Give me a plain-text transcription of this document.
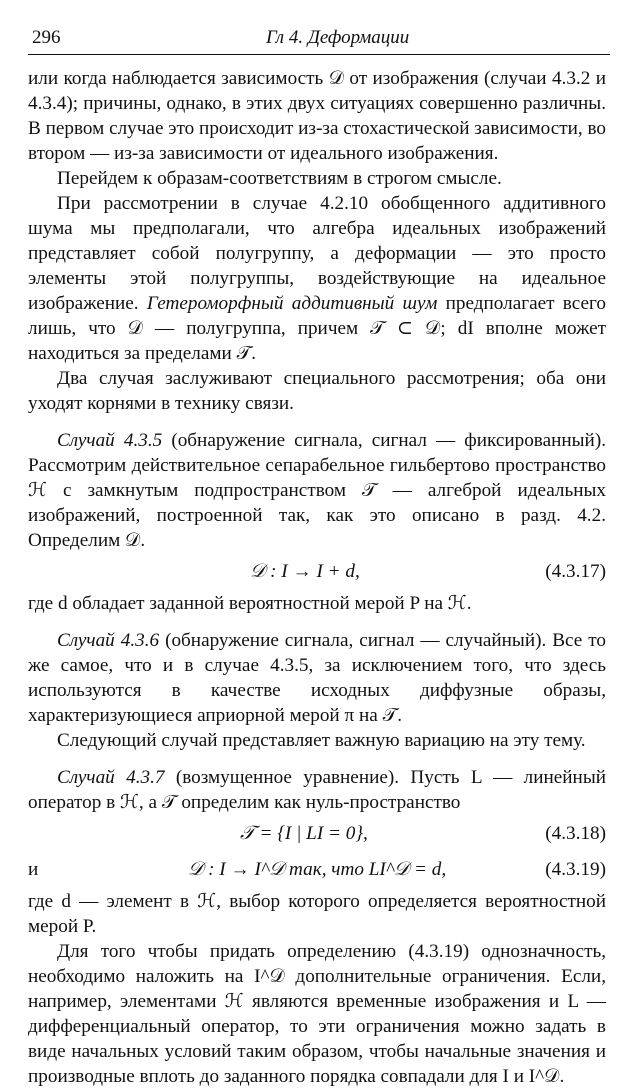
296	Гл 4. Деформации

или когда наблюдается зависимость 𝒟 от изображения (случаи 4.3.2 и 4.3.4); причины, однако, в этих двух ситуациях совершенно различны. В первом случае это происходит из-за стохастической зависимости, во втором — из-за зависимости от идеального изображения.

Перейдем к образам-соответствиям в строгом смысле.

При рассмотрении в случае 4.2.10 обобщенного аддитивного шума мы предполагали, что алгебра идеальных изображений представляет собой полугруппу, а деформации — это просто элементы этой полугруппы, воздействующие на идеальное изображение. Гетероморфный аддитивный шум предполагает всего лишь, что 𝒟 — полугруппа, причем 𝒯 ⊂ 𝒟; dI вполне может находиться за пределами 𝒯.

Два случая заслуживают специального рассмотрения; оба они уходят корнями в технику связи.

Случай 4.3.5 (обнаружение сигнала, сигнал — фиксированный). Рассмотрим действительное сепарабельное гильбертово пространство ℋ с замкнутым подпространством 𝒯 — алгеброй идеальных изображений, построенной так, как это описано в разд. 4.2. Определим 𝒟.

𝒟 : I → I + d,	(4.3.17)

где d обладает заданной вероятностной мерой P на ℋ.

Случай 4.3.6 (обнаружение сигнала, сигнал — случайный). Все то же самое, что и в случае 4.3.5, за исключением того, что здесь используются в качестве исходных диффузные образы, характеризующиеся априорной мерой π на 𝒯.

Следующий случай представляет важную вариацию на эту тему.

Случай 4.3.7 (возмущенное уравнение). Пусть L — линейный оператор в ℋ, а 𝒯 определим как нуль-пространство

𝒯 = {I | LI = 0},	(4.3.18)
и	𝒟 : I → I^𝒟 так, что LI^𝒟 = d,	(4.3.19)

где d — элемент в ℋ, выбор которого определяется вероятностной мерой P.

Для того чтобы придать определению (4.3.19) однозначность, необходимо наложить на I^𝒟 дополнительные ограничения. Если, например, элементами ℋ являются временные изображения и L — дифференциальный оператор, то эти ограничения можно задать в виде начальных условий таким образом, чтобы начальные значения и производные вплоть до заданного порядка совпадали для I и I^𝒟.
